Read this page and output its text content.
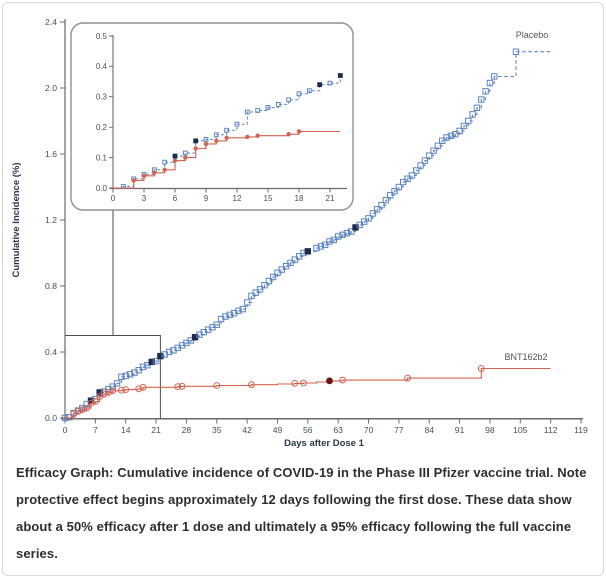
0	7	14 21 28 35 42 49 56 63 70 77 84 91 98 105 112 119
0.0
0.4
0.8
1.2
1.6
2.0
2.4
Days after Dose 1
Cumulative Incidence (%)
Placebo
BNT162b2
0	3	6	9	12	15	18	21
0.0
0.1
0.2
0.3
0.4
0.5
Efficacy Graph: Cumulative incidence of COVID-19 in the Phase III Pfizer vaccine trial. Note
protective effect begins approximately 12 days following the first dose. These data show
about a 50% efficacy after 1 dose and ultimately a 95% efficacy following the full vaccine
series.
